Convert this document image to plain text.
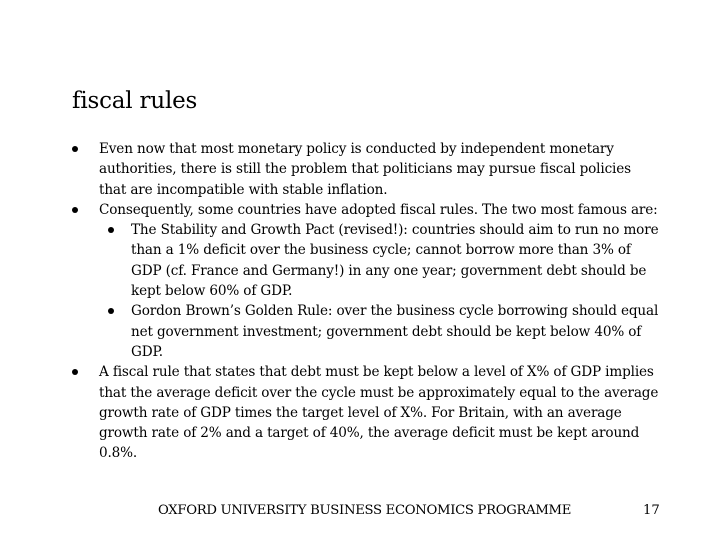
fiscal rules
Even now that most monetary policy is conducted by independent monetary authorities, there is still the problem that politicians may pursue fiscal policies that are incompatible with stable inflation.
Consequently, some countries have adopted fiscal rules. The two most famous are:
The Stability and Growth Pact (revised!): countries should aim to run no more than a 1% deficit over the business cycle; cannot borrow more than 3% of GDP (cf. France and Germany!) in any one year; government debt should be kept below 60% of GDP.
Gordon Brown’s Golden Rule: over the business cycle borrowing should equal net government investment; government debt should be kept below 40% of GDP.
A fiscal rule that states that debt must be kept below a level of X% of GDP implies that the average deficit over the cycle must be approximately equal to the average growth rate of GDP times the target level of X%. For Britain, with an average growth rate of 2% and a target of 40%, the average deficit must be kept around 0.8%.
OXFORD UNIVERSITY BUSINESS ECONOMICS PROGRAMME	17
